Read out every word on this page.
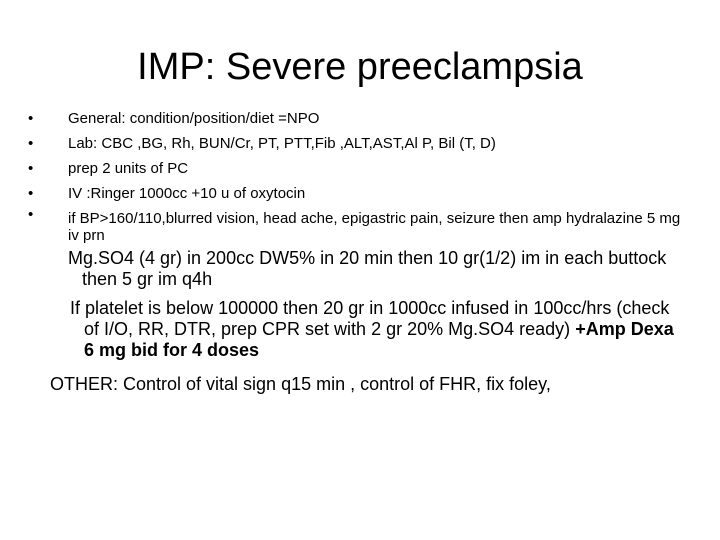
IMP: Severe preeclampsia
•	General: condition/position/diet =NPO
•	Lab: CBC ,BG, Rh, BUN/Cr, PT, PTT,Fib ,ALT,AST,Al P, Bil (T, D)
•	prep 2 units of PC
•	IV :Ringer 1000cc +10 u of oxytocin
•	if BP>160/110,blurred vision, head ache, epigastric pain, seizure then amp hydralazine 5 mg iv prn
Mg.SO4 (4 gr) in 200cc DW5% in 20 min then 10 gr(1/2) im in each buttock then 5 gr im q4h
If platelet is below 100000 then 20 gr in 1000cc infused in 100cc/hrs (check of I/O, RR, DTR, prep CPR set with 2 gr 20% Mg.SO4 ready) +Amp Dexa 6 mg bid for 4 doses
OTHER: Control of vital sign q15 min , control of FHR, fix foley,
